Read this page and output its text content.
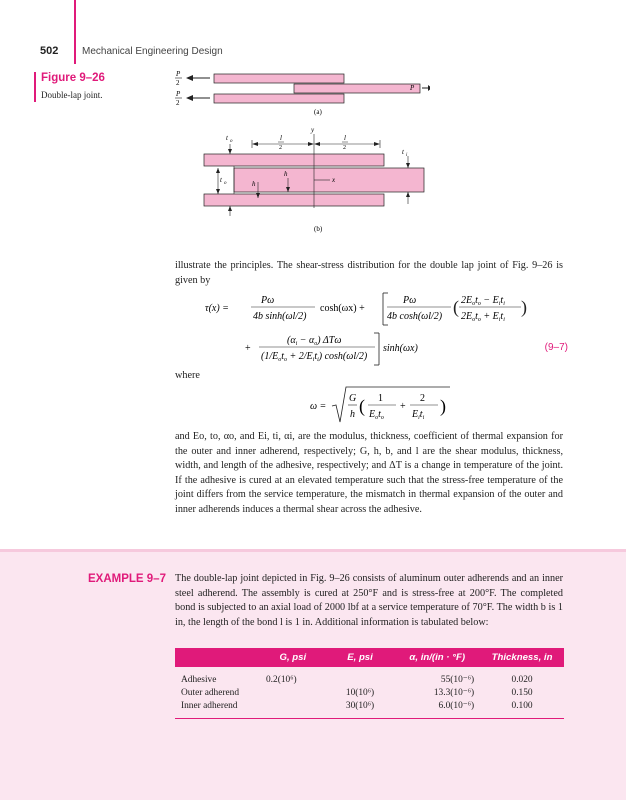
502 Mechanical Engineering Design
Figure 9–26
Double-lap joint.
P
2
P
2
P
(a)
x
y
l
2
l
2
t o
t i
t o	h
h
(b)
illustrate the principles. The shear-stress distribution for the double lap joint of Fig. 9–26 is given by
τ(x) =
Pω
4b sinh(ωl/2)
cosh(ωx) +
Pω
4b cosh(ωl/2) ( $2E_ot_o - E_it_i$
$2E_ot_o + E_it_i$
)
+
$(\alpha_i - \alpha_o)$ ΔTω
$(1/E_ot_o + 2/E_it_i)$ cosh(ωl/2)
sinh(ωx)	(9–7)
where
ω =
G
h ( 1
$E_ot_o$
+
2
$E_it_i$
)
and Eo, to, αo, and Ei, ti, αi, are the modulus, thickness, coefficient of thermal expansion for the outer and inner adherend, respectively; G, h, b, and l are the shear modulus, thickness, width, and length of the adhesive, respectively; and ΔT is a change in temperature of the joint. If the adhesive is cured at an elevated temperature such that the stress-free temperature of the joint differs from the service temperature, the mismatch in thermal expansion of the outer and inner adherends induces a thermal shear across the adhesive.
EXAMPLE 9–7 The double-lap joint depicted in Fig. 9–26 consists of aluminum outer adherends and an inner steel adherend. The assembly is cured at 250°F and is stress-free at 200°F. The completed bond is subjected to an axial load of 2000 lbf at a service temperature of 70°F. The width b is 1 in, the length of the bond l is 1 in. Additional information is tabulated below:
	G, psi	E, psi	α, in/(in · °F)	Thickness, in
Adhesive	0.2(10⁶)		55(10⁻⁶)	0.020
Outer adherend		10(10⁶)	13.3(10⁻⁶)	0.150
Inner adherend		30(10⁶)	6.0(10⁻⁶)	0.100
